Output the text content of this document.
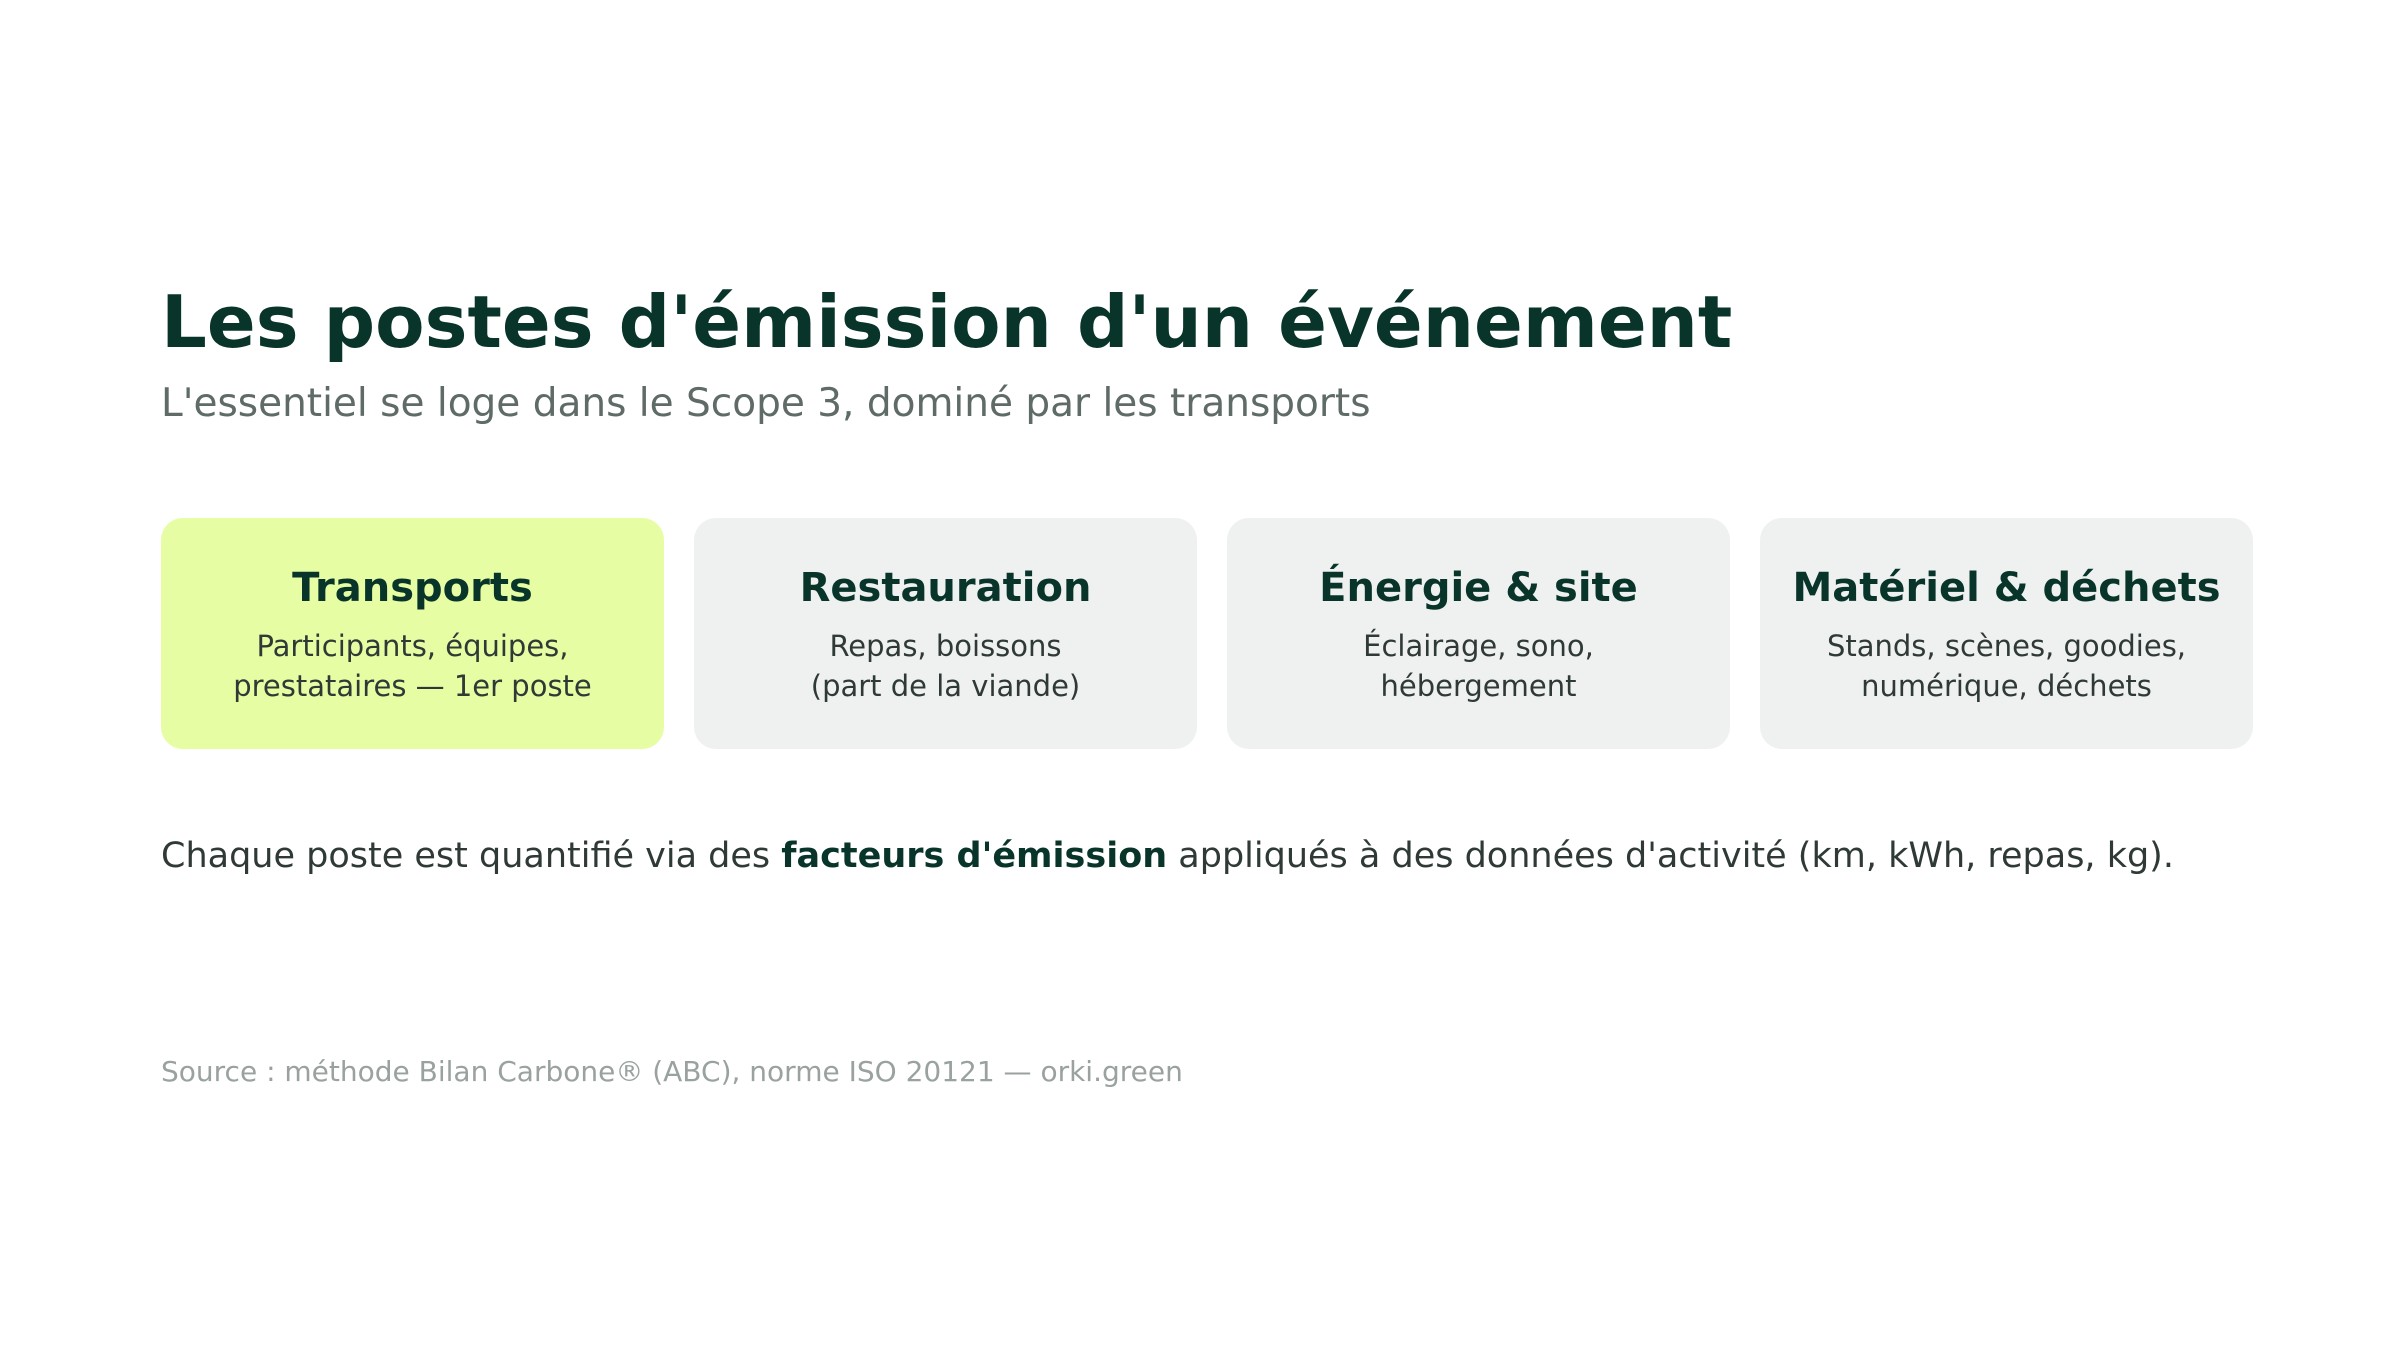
Les postes d'émission d'un événement

L'essentiel se loge dans le Scope 3, dominé par les transports

Transports
Participants, équipes,
prestataires — 1er poste
Restauration
Repas, boissons
(part de la viande)
Énergie & site
Éclairage, sono,
hébergement
Matériel & déchets
Stands, scènes, goodies,
numérique, déchets

Chaque poste est quantifié via des facteurs d'émission appliqués à des données d'activité (km, kWh, repas, kg).

Source : méthode Bilan Carbone® (ABC), norme ISO 20121 — orki.green
